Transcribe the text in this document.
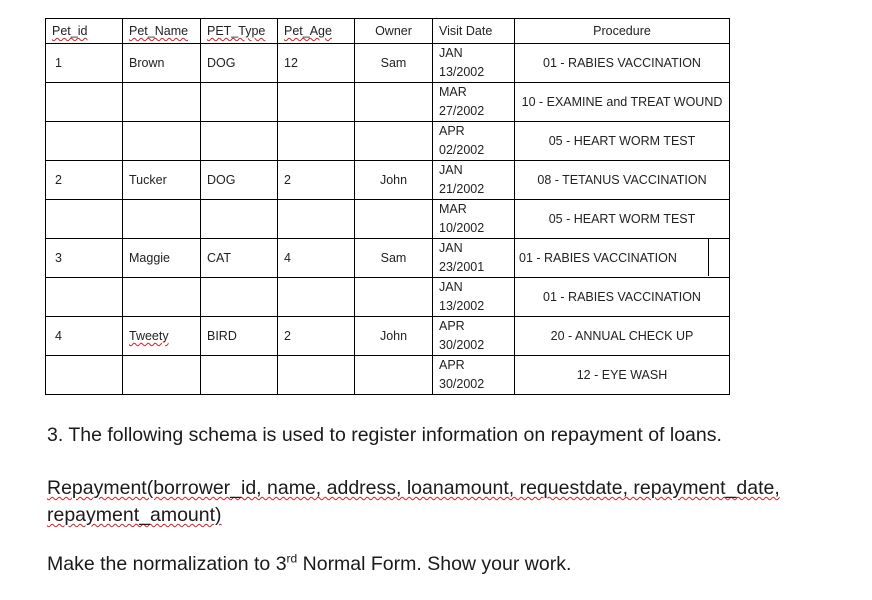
Pet_id	Pet_Name	PET_Type	Pet_Age	Owner	Visit Date	Procedure
1	Brown	DOG	12	Sam	JAN 13/2002	01 - RABIES VACCINATION

					MAR 27/2002	10 - EXAMINE and TREAT WOUND

					APR 02/2002	05 - HEART WORM TEST
2	Tucker	DOG	2	John	JAN 21/2002	08 - TETANUS VACCINATION

					MAR 10/2002	05 - HEART WORM TEST
3	Maggie	CAT	4	Sam	JAN 23/2001	01 - RABIES VACCINATION

					JAN 13/2002	01 - RABIES VACCINATION
4	Tweety	BIRD	2	John	APR 30/2002	20 - ANNUAL CHECK UP

					APR 30/2002	12 - EYE WASH

3. The following schema is used to register information on repayment of loans.

Repayment(borrower_id, name, address, loanamount, requestdate, repayment_date,
repayment_amount)

Make the normalization to 3rd Normal Form. Show your work.
